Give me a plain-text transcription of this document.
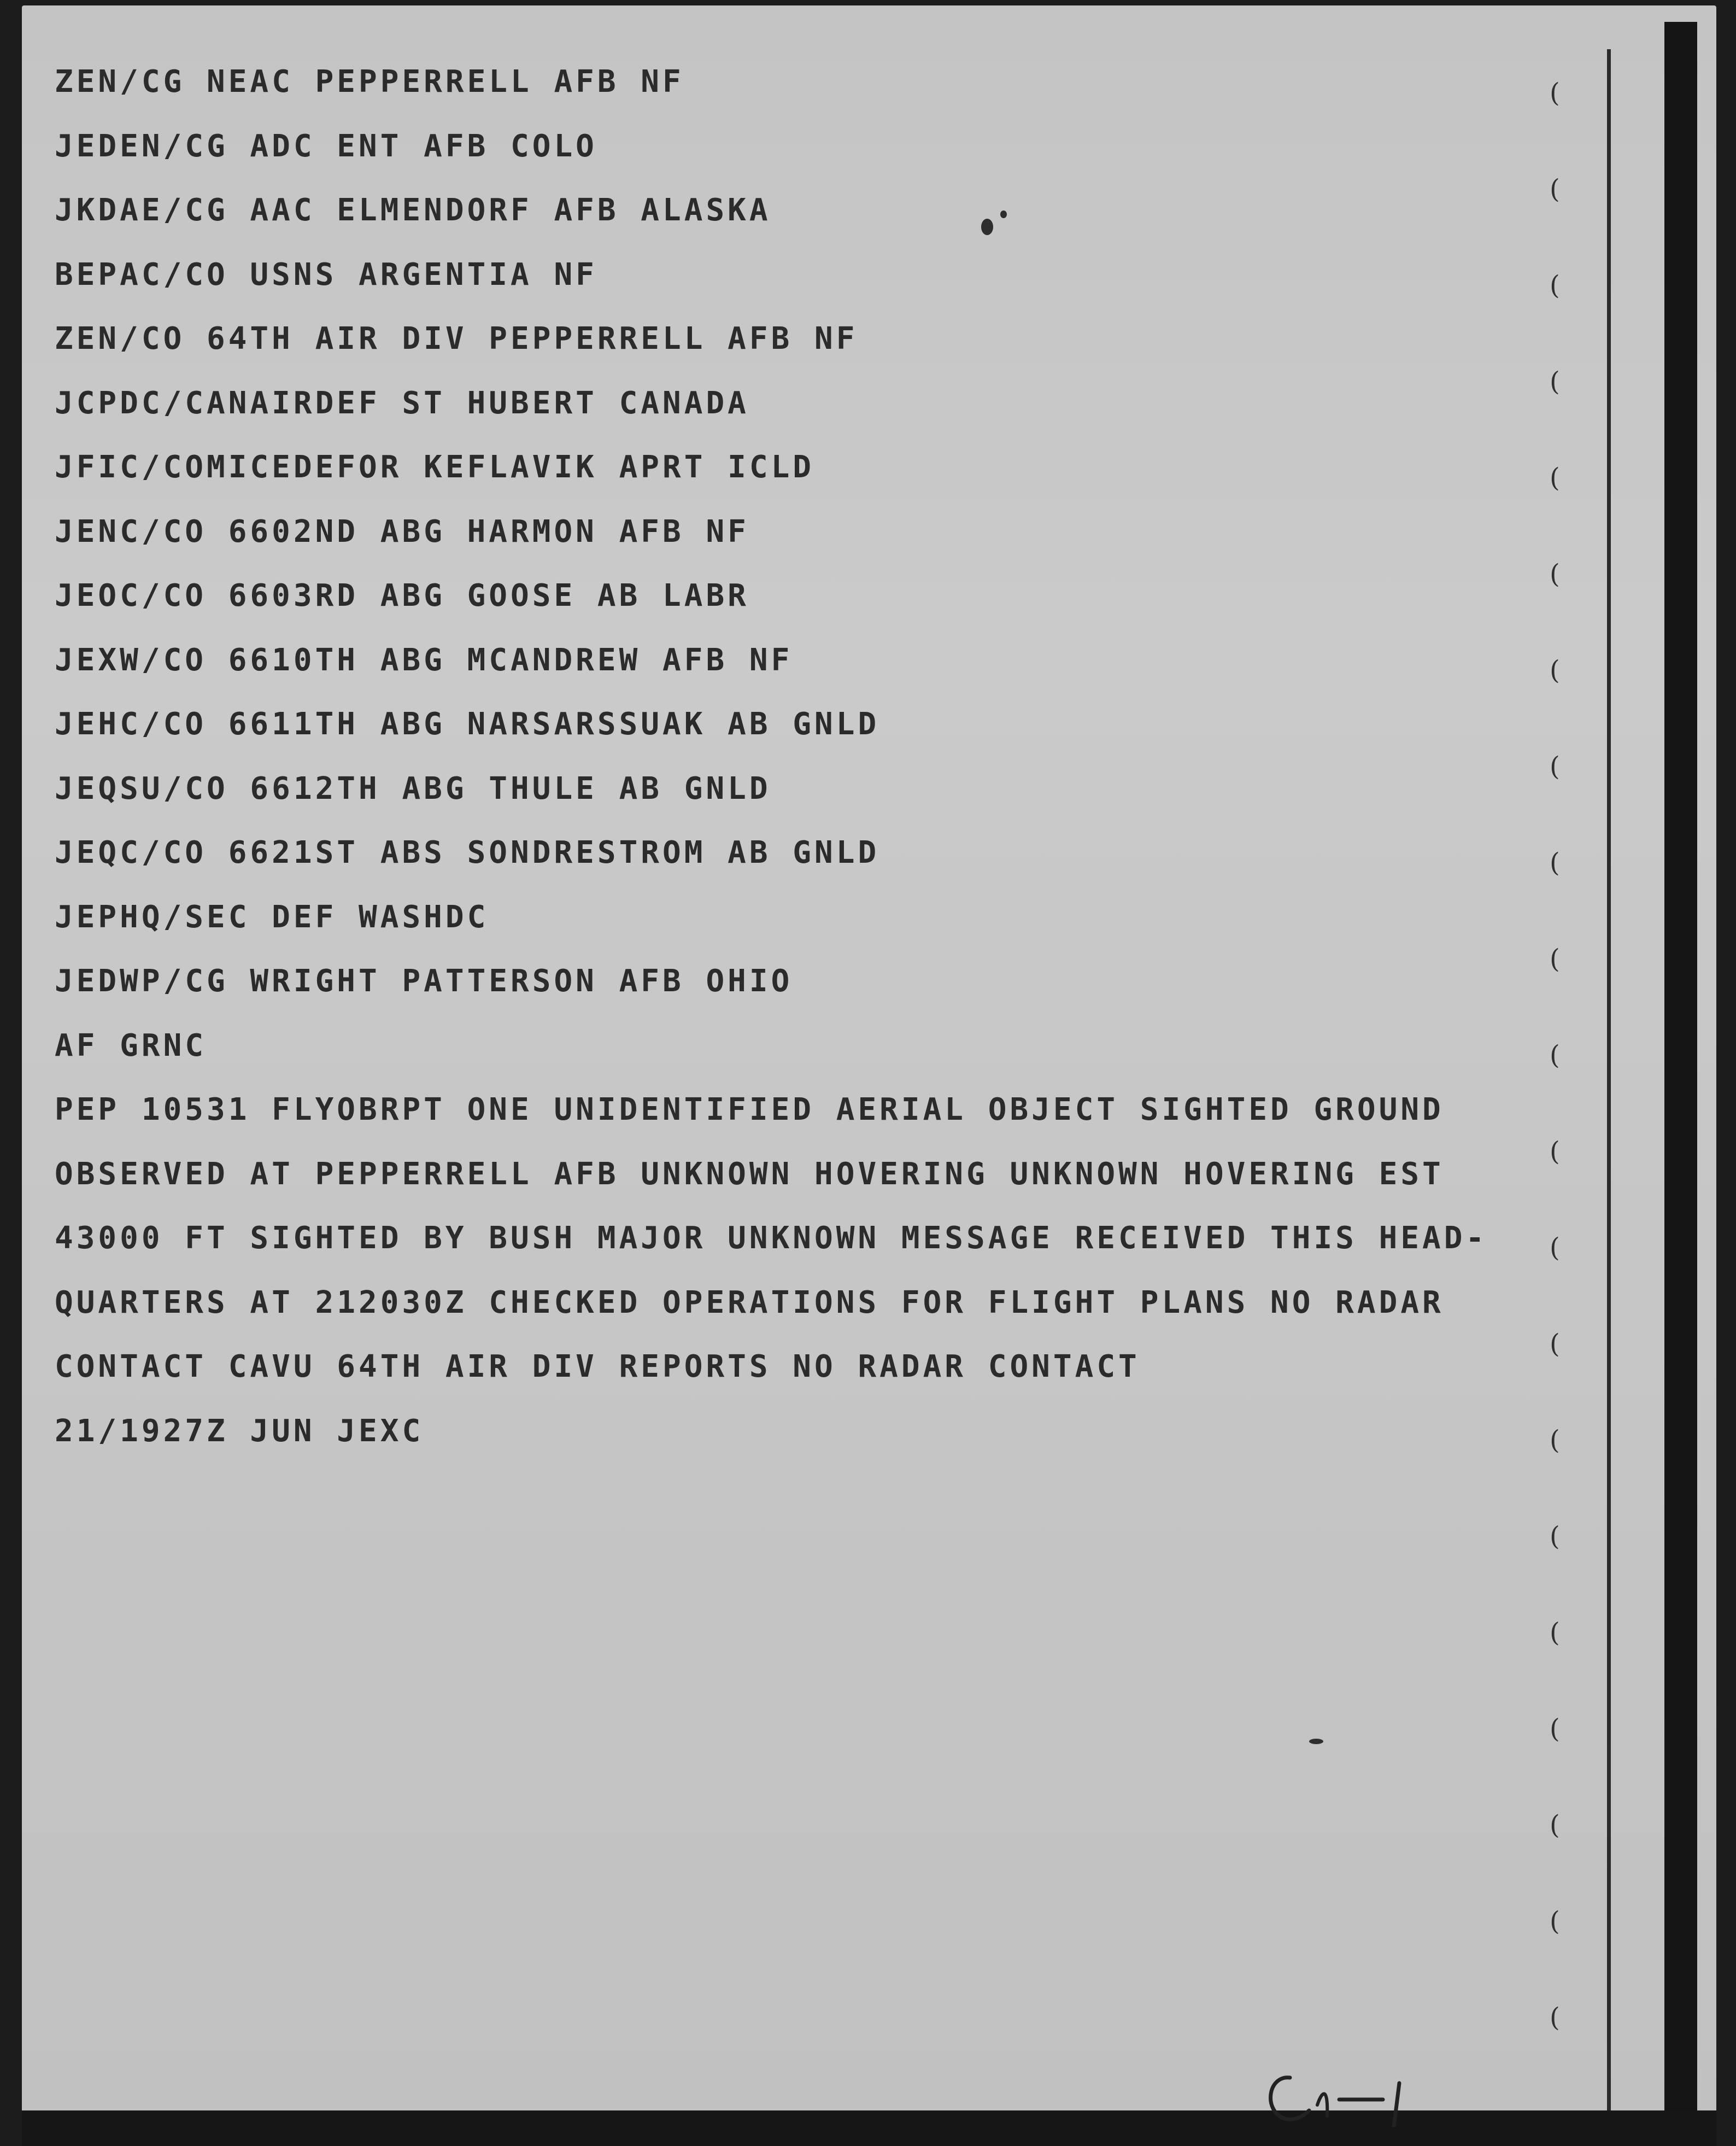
ZEN/CG NEAC PEPPERRELL AFB NF
JEDEN/CG ADC ENT AFB COLO
JKDAE/CG AAC ELMENDORF AFB ALASKA
BEPAC/CO USNS ARGENTIA NF
ZEN/CO 64TH AIR DIV PEPPERRELL AFB NF
JCPDC/CANAIRDEF ST HUBERT CANADA
JFIC/COMICEDEFOR KEFLAVIK APRT ICLD
JENC/CO 6602ND ABG HARMON AFB NF
JEOC/CO 6603RD ABG GOOSE AB LABR
JEXW/CO 6610TH ABG MCANDREW AFB NF
JEHC/CO 6611TH ABG NARSARSSUAK AB GNLD
JEQSU/CO 6612TH ABG THULE AB GNLD
JEQC/CO 6621ST ABS SONDRESTROM AB GNLD
JEPHQ/SEC DEF WASHDC
JEDWP/CG WRIGHT PATTERSON AFB OHIO
AF GRNC
PEP 10531 FLYOBRPT ONE UNIDENTIFIED AERIAL OBJECT SIGHTED GROUND
OBSERVED AT PEPPERRELL AFB UNKNOWN HOVERING UNKNOWN HOVERING EST
43000 FT SIGHTED BY BUSH MAJOR UNKNOWN MESSAGE RECEIVED THIS HEAD-
QUARTERS AT 212030Z CHECKED OPERATIONS FOR FLIGHT PLANS NO RADAR
CONTACT CAVU 64TH AIR DIV REPORTS NO RADAR CONTACT
21/1927Z JUN JEXC
(
(
(
(
(
(
(
(
(
(
(
(
(
(
(
(
(
(
(
(
(
